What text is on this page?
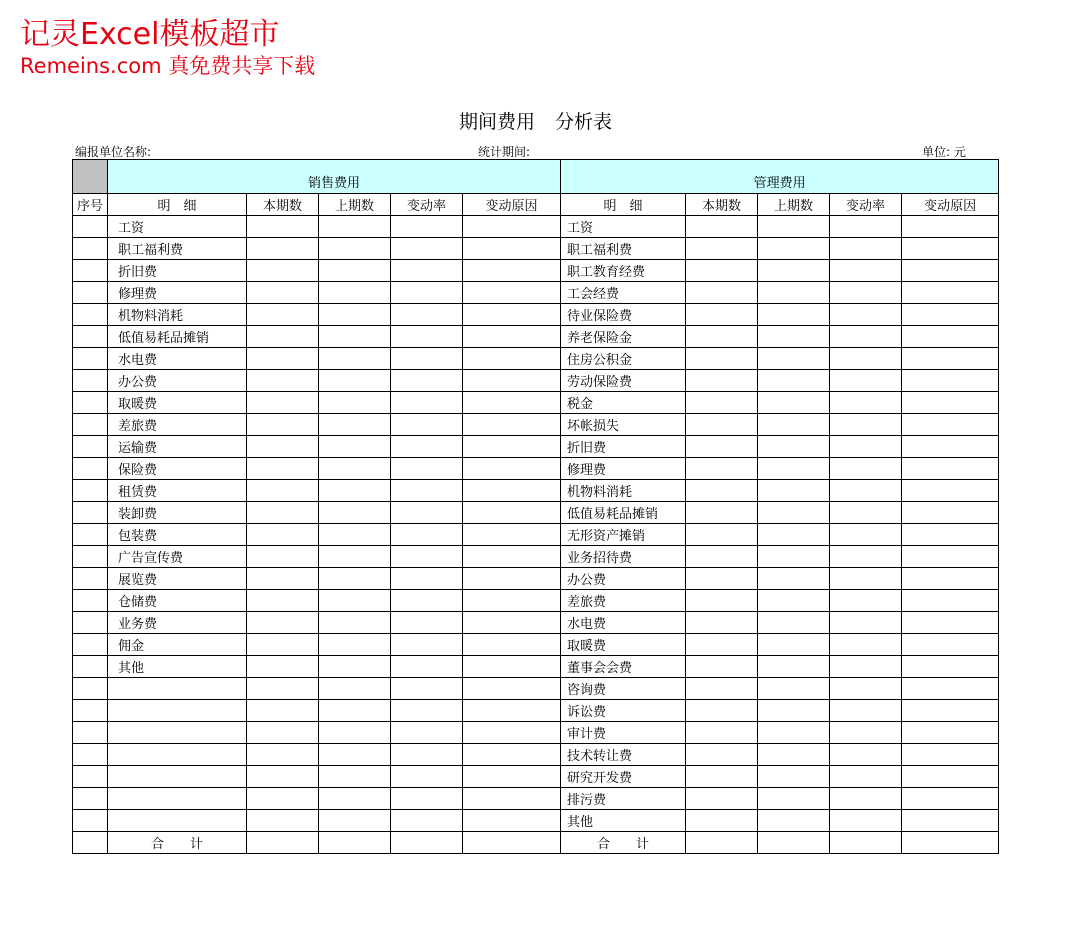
记灵Excel模板超市
Remeins.com 真免费共享下载
期间费用 分析表
编报单位名称:	统计期间:	单位: 元
	销售费用					管理费用				
序号	明　细	本期数	上期数	变动率	变动原因	明　细	本期数	上期数	变动率	变动原因
	工资					工资				
	职工福利费					职工福利费				
	折旧费					职工教育经费				
	修理费					工会经费				
	机物料消耗					待业保险费				
	低值易耗品摊销					养老保险金				
	水电费					住房公积金				
	办公费					劳动保险费				
	取暖费					税金				
	差旅费					坏帐损失				
	运输费					折旧费				
	保险费					修理费				
	租赁费					机物料消耗				
	装卸费					低值易耗品摊销				
	包装费					无形资产摊销				
	广告宣传费					业务招待费				
	展览费					办公费				
	仓储费					差旅费				
	业务费					水电费				
	佣金					取暖费				
	其他					董事会会费				
						咨询费				
						诉讼费				
						审计费				
						技术转让费				
						研究开发费				
						排污费				
						其他				
	合　　计					合　　计				
